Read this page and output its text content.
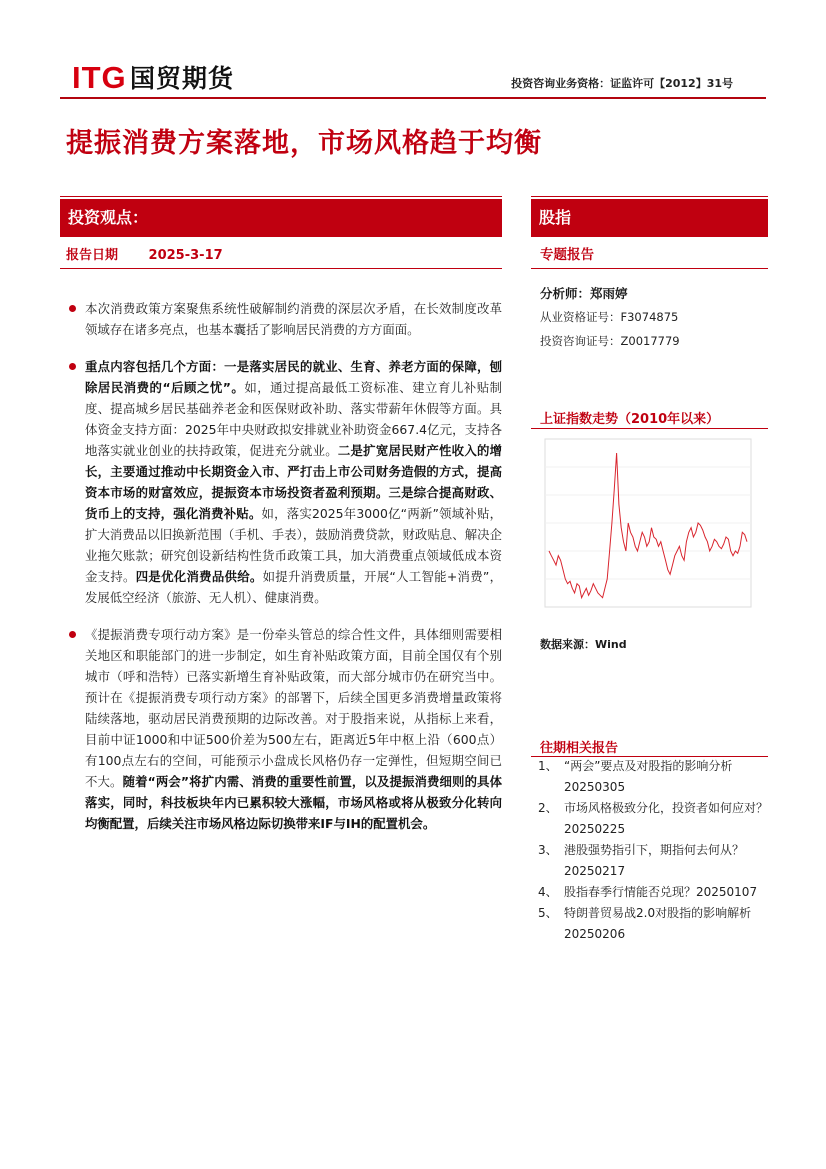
ITG 国贸期货	投资咨询业务资格：证监许可【2012】31号
提振消费方案落地，市场风格趋于均衡
投资观点：	股指
报告日期 2025-3-17	专题报告
分析师：郑雨婷
从业资格证号：F3074875
投资咨询证号：Z0017779
本次消费政策方案聚焦系统性破解制约消费的深层次矛盾，在长效制度改革领域存在诸多亮点，也基本囊括了影响居民消费的方方面面。
重点内容包括几个方面：一是落实居民的就业、生育、养老方面的保障，刨除居民消费的“后顾之忧”。如，通过提高最低工资标准、建立育儿补贴制度、提高城乡居民基础养老金和医保财政补助、落实带薪年休假等方面。具体资金支持方面：2025年中央财政拟安排就业补助资金667.4亿元，支持各地落实就业创业的扶持政策，促进充分就业。二是扩宽居民财产性收入的增长，主要通过推动中长期资金入市、严打击上市公司财务造假的方式，提高资本市场的财富效应，提振资本市场投资者盈利预期。三是综合提高财政、货币上的支持，强化消费补贴。如，落实2025年3000亿“两新”领域补贴，扩大消费品以旧换新范围（手机、手表），鼓励消费贷款，财政贴息、解决企业拖欠账款；研究创设新结构性货币政策工具，加大消费重点领域低成本资金支持。四是优化消费品供给。如提升消费质量，开展“人工智能+消费”，发展低空经济（旅游、无人机）、健康消费。
《提振消费专项行动方案》是一份牵头管总的综合性文件，具体细则需要相关地区和职能部门的进一步制定，如生育补贴政策方面，目前全国仅有个别城市（呼和浩特）已落实新增生育补贴政策，而大部分城市仍在研究当中。预计在《提振消费专项行动方案》的部署下，后续全国更多消费增量政策将陆续落地，驱动居民消费预期的边际改善。对于股指来说，从指标上来看，目前中证1000和中证500价差为500左右，距离近5年中枢上沿（600点）有100点左右的空间，可能预示小盘成长风格仍存一定弹性，但短期空间已不大。随着“两会”将扩内需、消费的重要性前置，以及提振消费细则的具体落实，同时，科技板块年内已累积较大涨幅，市场风格或将从极致分化转向均衡配置，后续关注市场风格边际切换带来IF与IH的配置机会。
上证指数走势（2010年以来）
数据来源：Wind
往期相关报告
1、 “两会”要点及对股指的影响分析20250305
2、 市场风格极致分化，投资者如何应对？20250225
3、 港股强势指引下，期指何去何从？20250217
4、 股指春季行情能否兑现？20250107
5、 特朗普贸易战2.0对股指的影响解析20250206
